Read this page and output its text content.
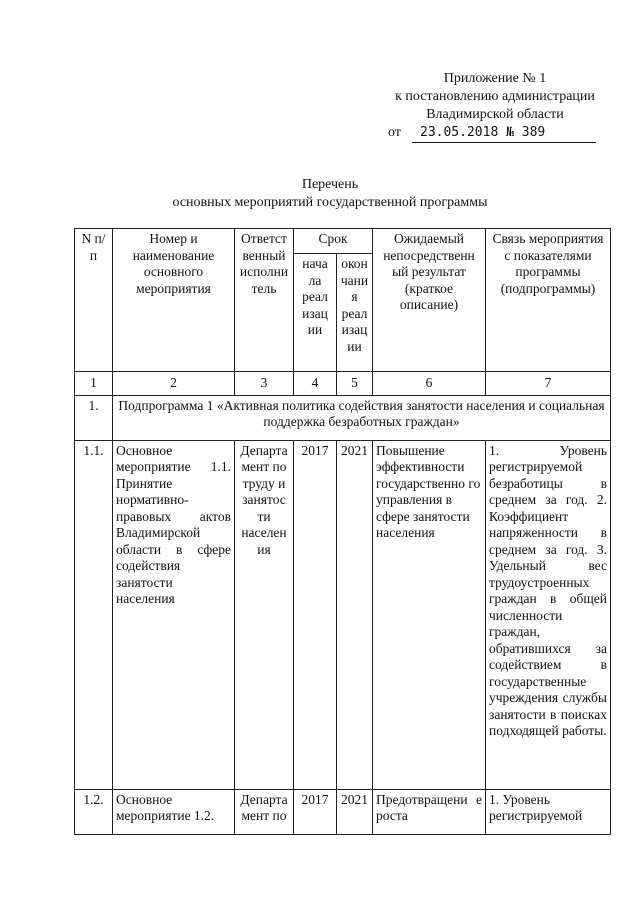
Приложение № 1
к постановлению администрации
Владимирской области
от	23.05.2018 № 389
Перечень
основных мероприятий государственной программы
N п/п	Номер и наименование основного мероприятия	Ответст венный исполни тель	Срок		Ожидаемый непосредственн ый результат (краткое описание)	Связь мероприятия с показателями программы (подпрограммы)
			нача ла реал изац ии	окон чани я реал изац ии		
1	2	3	4	5	6	7
1.	Подпрограмма 1 «Активная политика содействия занятости населения и социальная поддержка безработных граждан»					
1.1.	Основное мероприятие 1.1. Принятие нормативно-правовых актов Владимирской области в сфере содействия занятости населения	Департа мент по труду и занятос ти населен ия	2017	2021	Повышение эффективности государственно го управления в сфере занятости населения	1. Уровень регистрируемой безработицы в среднем за год. 2. Коэффициент напряженности в среднем за год. 3. Удельный вес трудоустроенных граждан в общей численности граждан, обратившихся за содействием в государственные учреждения службы занятости в поисках подходящей работы.
1.2.	Основное мероприятие 1.2.	Департа мент по	2017	2021	Предотвращени е роста	1. Уровень регистрируемой
